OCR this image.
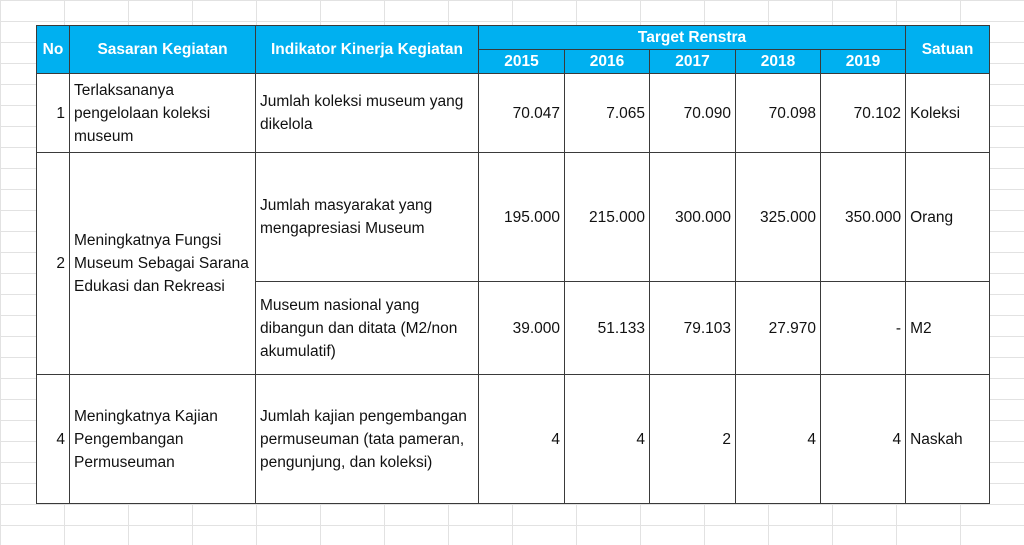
No	Sasaran Kegiatan	Indikator Kinerja Kegiatan	Target Renstra					Satuan
			2015	2016	2017	2018	2019	
1	Terlaksananya pengelolaan koleksi museum	Jumlah koleksi museum yang dikelola	70.047	7.065	70.090	70.098	70.102	Koleksi
2	Meningkatnya Fungsi Museum Sebagai Sarana Edukasi dan Rekreasi	Jumlah masyarakat yang mengapresiasi Museum	195.000	215.000	300.000	325.000	350.000	Orang
		Museum nasional yang dibangun dan ditata (M2/non akumulatif)	39.000	51.133	79.103	27.970	-	M2
4	Meningkatnya Kajian Pengembangan Permuseuman	Jumlah kajian pengembangan permuseuman (tata pameran, pengunjung, dan koleksi)	4	4	2	4	4	Naskah
